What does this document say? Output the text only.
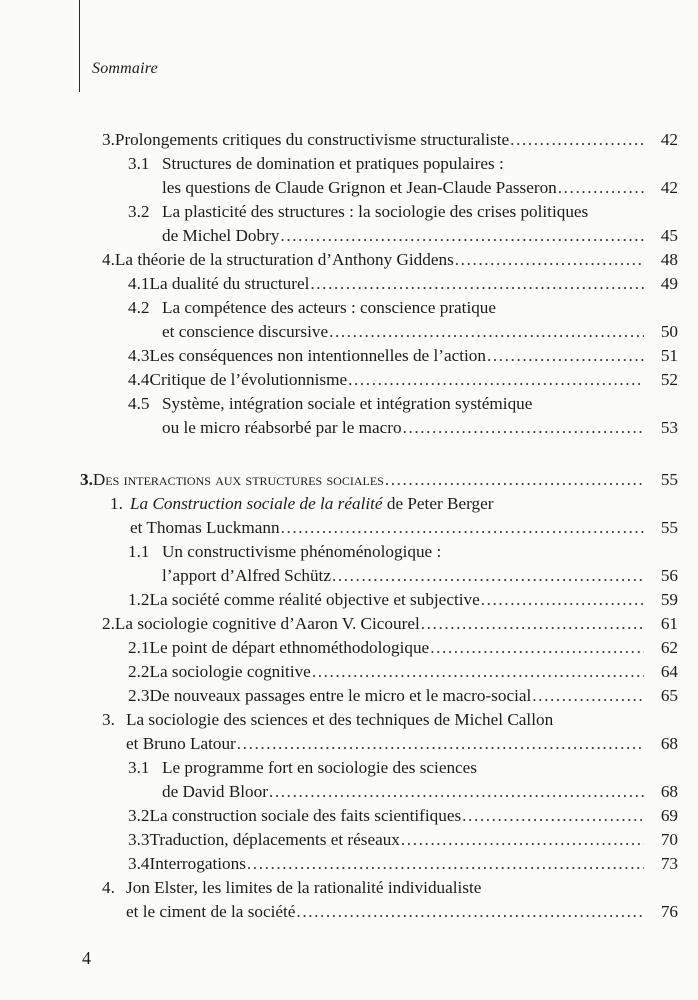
Sommaire
3. Prolongements critiques du constructivisme structuraliste .....	42
3.1 Structures de domination et pratiques populaires :
les questions de Claude Grignon et Jean-Claude Passeron .....	42
3.2 La plasticité des structures : la sociologie des crises politiques
de Michel Dobry .....	45
4. La théorie de la structuration d’Anthony Giddens .....	48
4.1 La dualité du structurel .....	49
4.2 La compétence des acteurs : conscience pratique
et conscience discursive .....	50
4.3 Les conséquences non intentionnelles de l’action .....	51
4.4 Critique de l’évolutionnisme .....	52
4.5 Système, intégration sociale et intégration systémique
ou le micro réabsorbé par le macro .....	53
3. Des interactions aux structures sociales .....	55
1. La Construction sociale de la réalité de Peter Berger
et Thomas Luckmann .....	55
1.1 Un constructivisme phénoménologique :
l’apport d’Alfred Schütz .....	56
1.2 La société comme réalité objective et subjective .....	59
2. La sociologie cognitive d’Aaron V. Cicourel .....	61
2.1 Le point de départ ethnométhodologique .....	62
2.2 La sociologie cognitive .....	64
2.3 De nouveaux passages entre le micro et le macro-social .....	65
3. La sociologie des sciences et des techniques de Michel Callon
et Bruno Latour .....	68
3.1 Le programme fort en sociologie des sciences
de David Bloor .....	68
3.2 La construction sociale des faits scientifiques .....	69
3.3 Traduction, déplacements et réseaux .....	70
3.4 Interrogations .....	73
4. Jon Elster, les limites de la rationalité individualiste
et le ciment de la société .....	76
4
